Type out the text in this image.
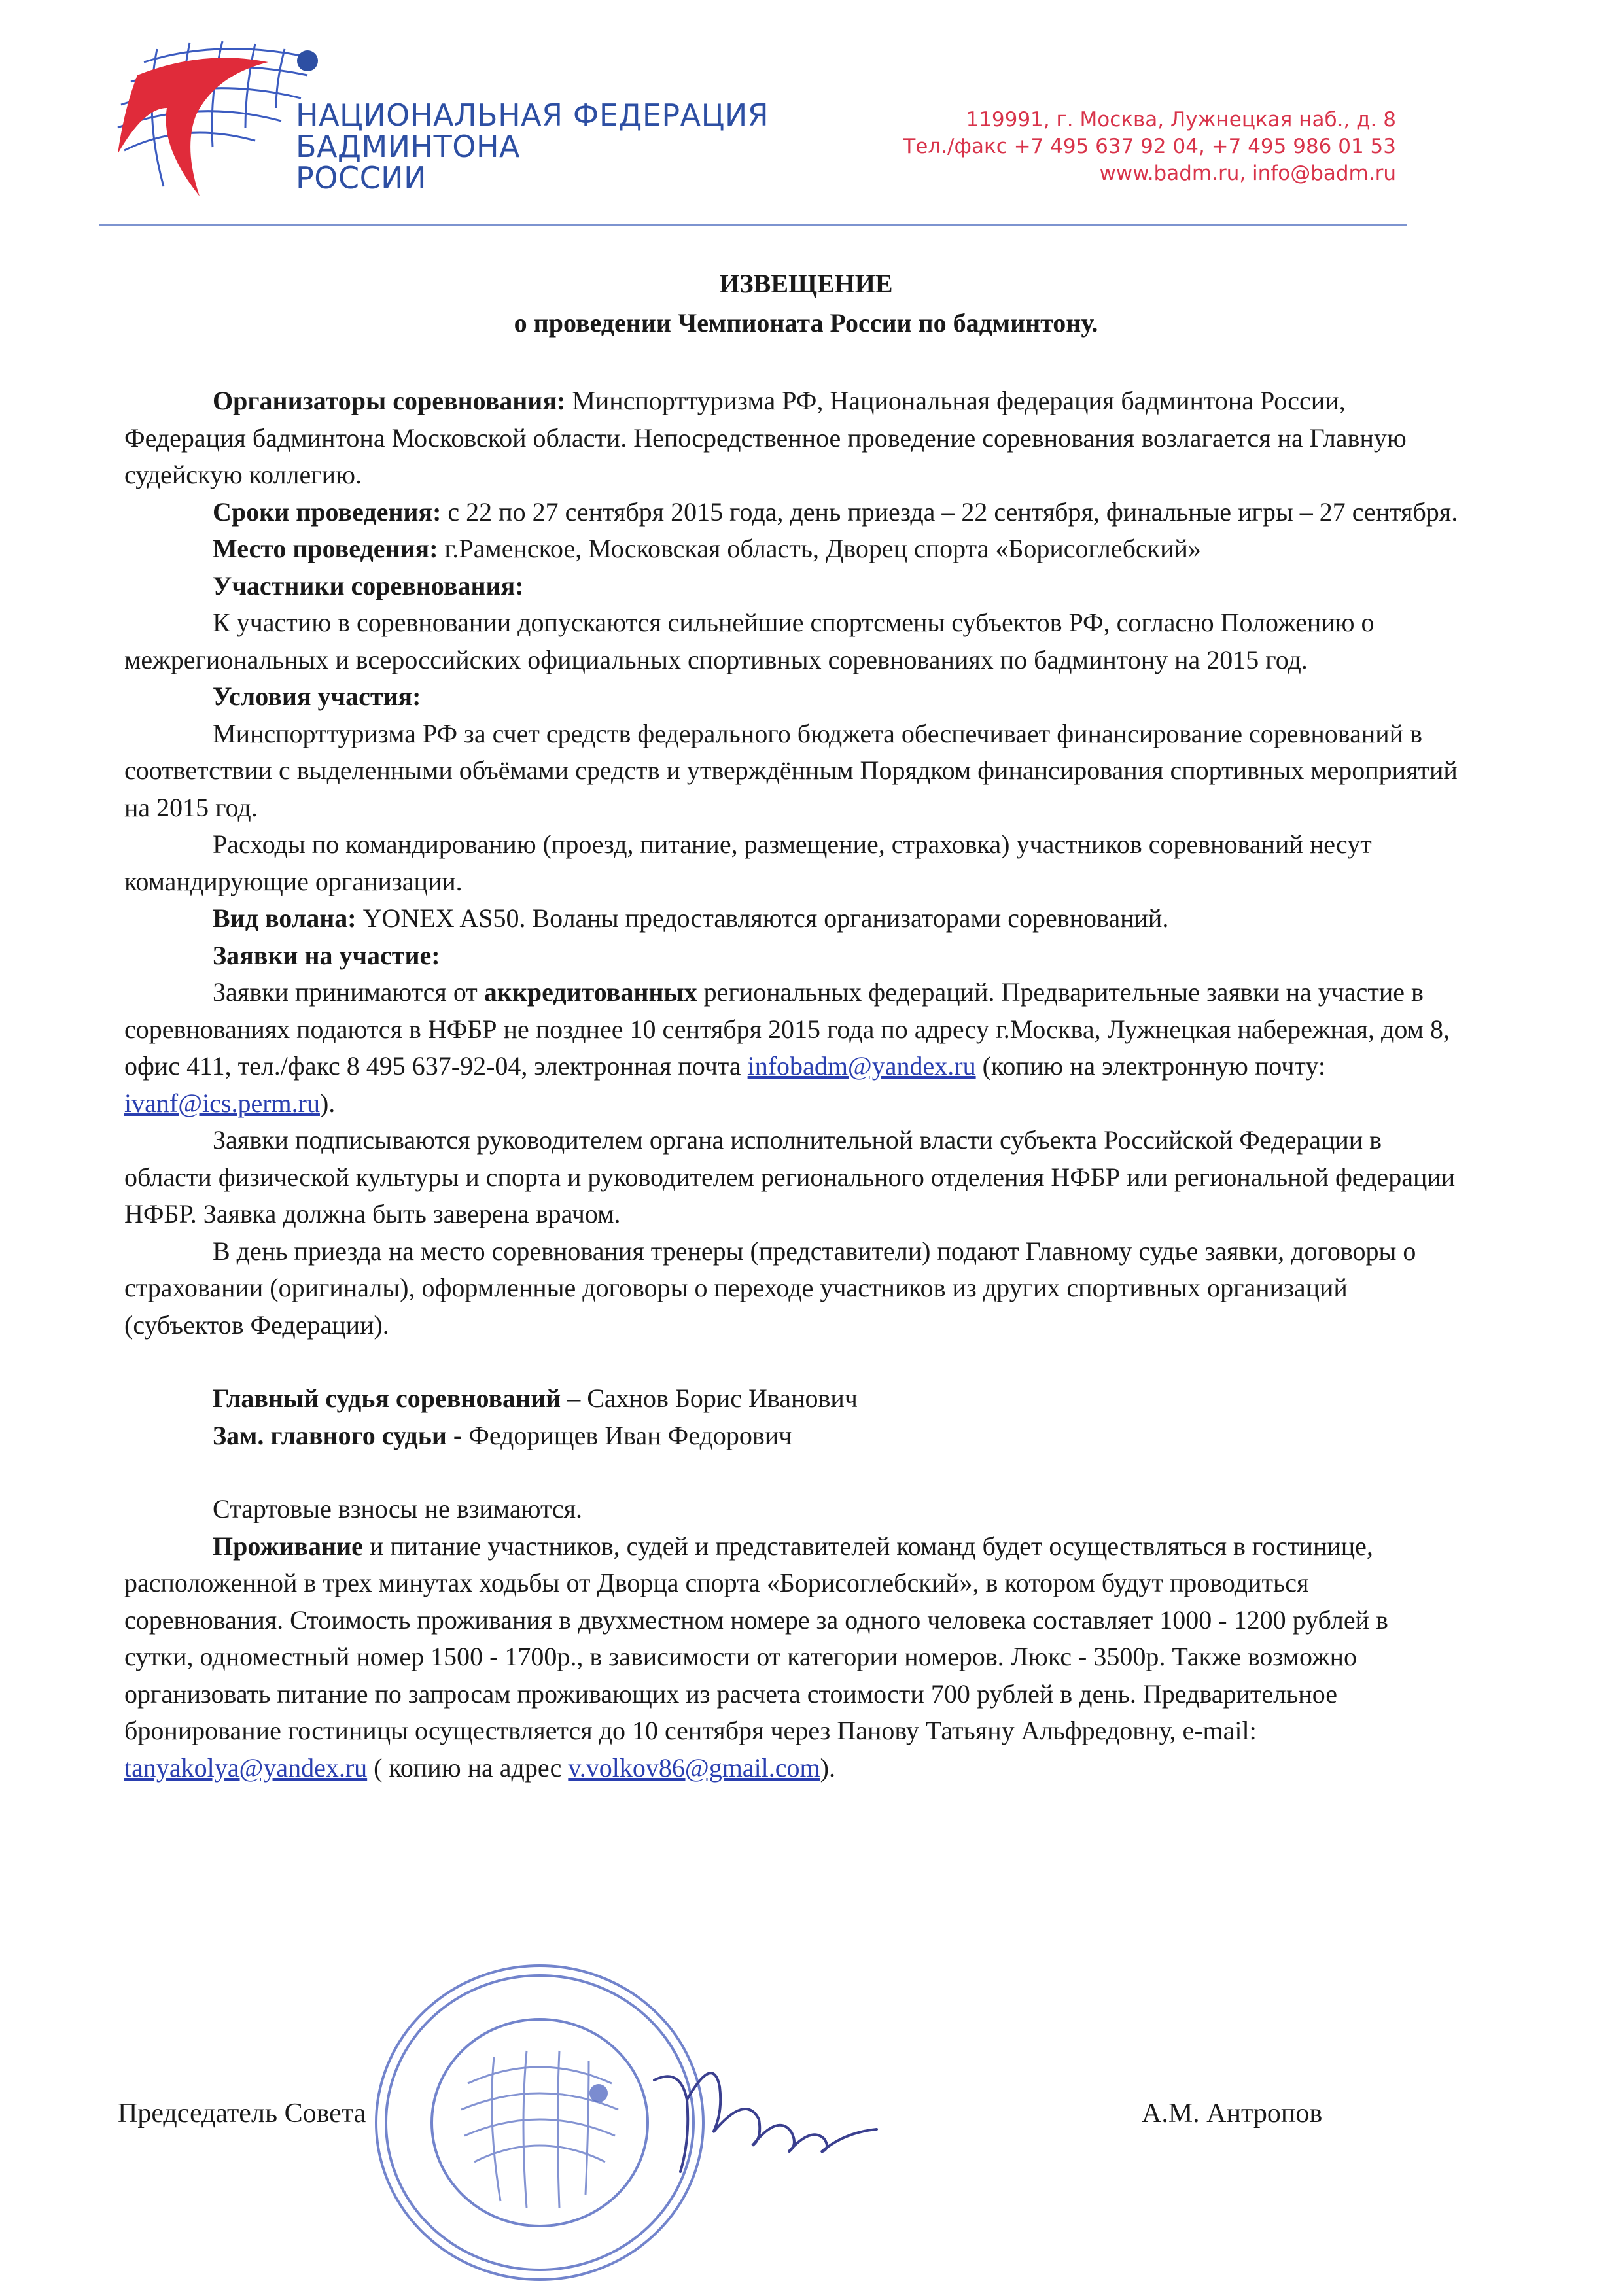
НАЦИОНАЛЬНАЯ ФЕДЕРАЦИЯ
БАДМИНТОНА
РОССИИ
119991, г. Москва, Лужнецкая наб., д. 8
Тел./факс +7 495 637 92 04, +7 495 986 01 53
www.badm.ru, info@badm.ru
ИЗВЕЩЕНИЕ
о проведении Чемпионата России по бадминтону.

Организаторы соревнования: Минспорттуризма РФ, Национальная федерация бадминтона России, Федерация бадминтона Московской области. Непосредственное проведение соревнования возлагается на Главную судейскую коллегию.

Сроки проведения: с 22 по 27 сентября 2015 года, день приезда – 22 сентября, финальные игры – 27 сентября.

Место проведения: г.Раменское, Московская область, Дворец спорта «Борисоглебский»

Участники соревнования:

К участию в соревновании допускаются сильнейшие спортсмены субъектов РФ, согласно Положению о межрегиональных и всероссийских официальных спортивных соревнованиях по бадминтону на 2015 год.

Условия участия:

Минспорттуризма РФ за счет средств федерального бюджета обеспечивает финансирование соревнований в соответствии с выделенными объёмами средств и утверждённым Порядком финансирования спортивных мероприятий на 2015 год.

Расходы по командированию (проезд, питание, размещение, страховка) участников соревнований несут командирующие организации.

Вид волана: YONEX AS50. Воланы предоставляются организаторами соревнований.

Заявки на участие:

Заявки принимаются от аккредитованных региональных федераций. Предварительные заявки на участие в соревнованиях подаются в НФБР не позднее 10 сентября 2015 года по адресу г.Москва, Лужнецкая набережная, дом 8, офис 411, тел./факс 8 495 637-92-04, электронная почта infobadm@yandex.ru (копию на электронную почту: ivanf@ics.perm.ru).

Заявки подписываются руководителем органа исполнительной власти субъекта Российской Федерации в области физической культуры и спорта и руководителем регионального отделения НФБР или региональной федерации НФБР. Заявка должна быть заверена врачом.

В день приезда на место соревнования тренеры (представители) подают Главному судье заявки, договоры о страховании (оригиналы), оформленные договоры о переходе участников из других спортивных организаций (субъектов Федерации).

Главный судья соревнований – Сахнов Борис Иванович

Зам. главного судьи - Федорищев Иван Федорович

Стартовые взносы не взимаются.

Проживание и питание участников, судей и представителей команд будет осуществляться в гостинице, расположенной в трех минутах ходьбы от Дворца спорта «Борисоглебский», в котором будут проводиться соревнования. Стоимость проживания в двухместном номере за одного человека составляет 1000 - 1200 рублей в сутки, одноместный номер 1500 - 1700р., в зависимости от категории номеров. Люкс - 3500р. Также возможно организовать питание по запросам проживающих из расчета стоимости 700 рублей в день. Предварительное бронирование гостиницы осуществляется до 10 сентября через Панову Татьяну Альфредовну, e-mail: tanyakolya@yandex.ru ( копию на адрес v.volkov86@gmail.com).

Председатель Совета	А.М. Антропов
